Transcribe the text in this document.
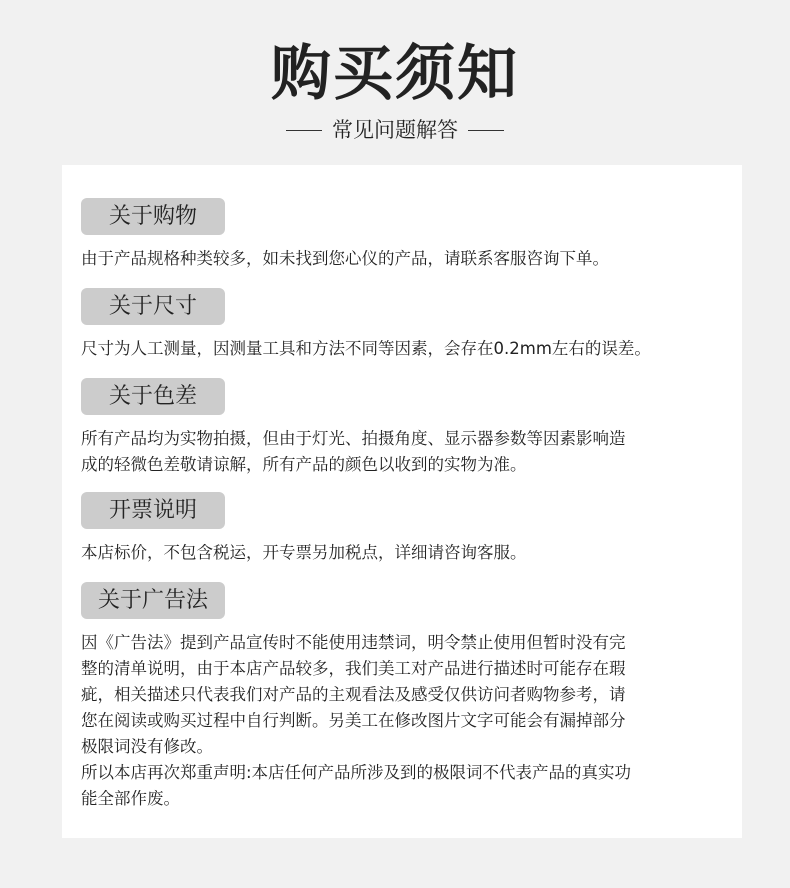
购买须知
常见问题解答
关于购物
由于产品规格种类较多，如未找到您心仪的产品，请联系客服咨询下单。
关于尺寸
尺寸为人工测量，因测量工具和方法不同等因素，会存在0.2mm左右的误差。
关于色差
所有产品均为实物拍摄，但由于灯光、拍摄角度、显示器参数等因素影响造
成的轻微色差敬请谅解，所有产品的颜色以收到的实物为准。
开票说明
本店标价，不包含税运，开专票另加税点，详细请咨询客服。
关于广告法
因《广告法》提到产品宣传时不能使用违禁词，明令禁止使用但暂时没有完
整的清单说明，由于本店产品较多，我们美工对产品进行描述时可能存在瑕
疵，相关描述只代表我们对产品的主观看法及感受仅供访问者购物参考，请
您在阅读或购买过程中自行判断。另美工在修改图片文字可能会有漏掉部分
极限词没有修改。
所以本店再次郑重声明:本店任何产品所涉及到的极限词不代表产品的真实功
能全部作废。
